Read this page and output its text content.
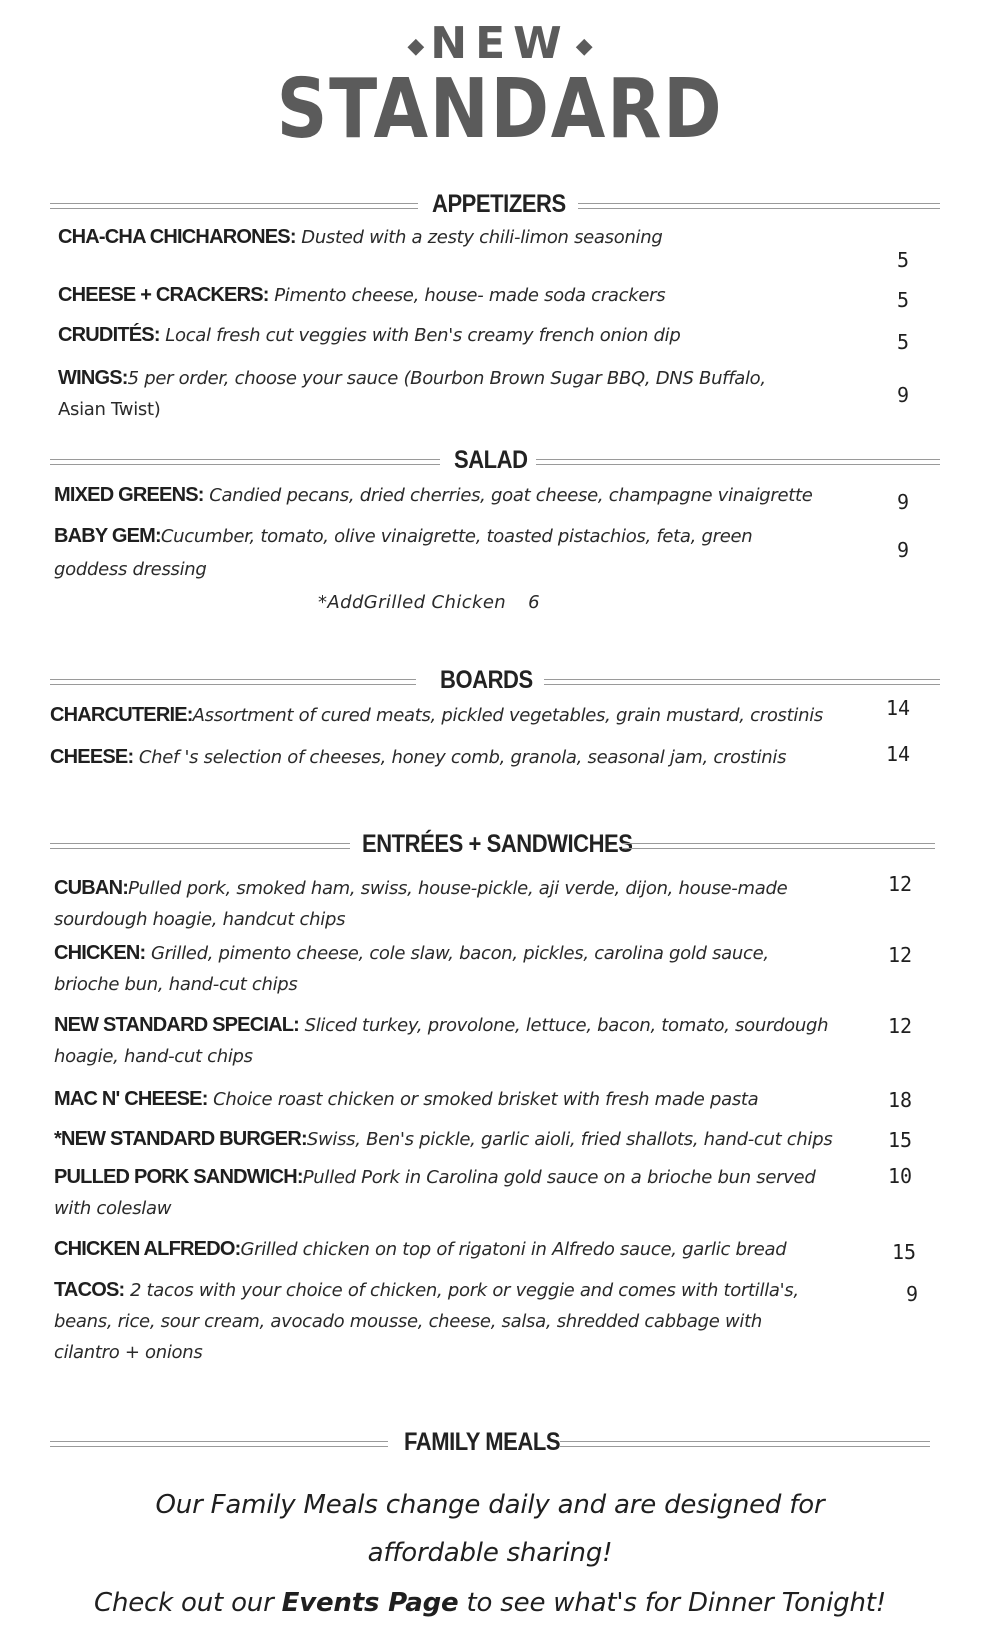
◆ NEW ◆
STANDARD
APPETIZERS
CHA-CHA CHICHARONES: Dusted with a zesty chili-limon seasoning
5
CHEESE + CRACKERS: Pimento cheese, house- made soda crackers	5
CRUDITÉS: Local fresh cut veggies with Ben's creamy french onion dip	5
WINGS:5 per order, choose your sauce (Bourbon Brown Sugar BBQ, DNS Buffalo,
Asian Twist)
9
SALAD
MIXED GREENS: Candied pecans, dried cherries, goat cheese, champagne vinaigrette	9
BABY GEM:Cucumber, tomato, olive vinaigrette, toasted pistachios, feta, green
goddess dressing
9
*AddGrilled Chicken 6
BOARDS
CHARCUTERIE:Assortment of cured meats, pickled vegetables, grain mustard, crostinis	14
CHEESE: Chef 's selection of cheeses, honey comb, granola, seasonal jam, crostinis	14
ENTRÉES + SANDWICHES
CUBAN:Pulled pork, smoked ham, swiss, house-pickle, aji verde, dijon, house-made
sourdough hoagie, handcut chips
12
CHICKEN: Grilled, pimento cheese, cole slaw, bacon, pickles, carolina gold sauce,
brioche bun, hand-cut chips
12
NEW STANDARD SPECIAL: Sliced turkey, provolone, lettuce, bacon, tomato, sourdough
hoagie, hand-cut chips
12
MAC N' CHEESE: Choice roast chicken or smoked brisket with fresh made pasta	18
*NEW STANDARD BURGER:Swiss, Ben's pickle, garlic aioli, fried shallots, hand-cut chips	15
PULLED PORK SANDWICH:Pulled Pork in Carolina gold sauce on a brioche bun served
with coleslaw
10
CHICKEN ALFREDO:Grilled chicken on top of rigatoni in Alfredo sauce, garlic bread	15
TACOS: 2 tacos with your choice of chicken, pork or veggie and comes with tortilla's,
beans, rice, sour cream, avocado mousse, cheese, salsa, shredded cabbage with
cilantro + onions
9
FAMILY MEALS
Our Family Meals change daily and are designed for
affordable sharing!
Check out our Events Page to see what's for Dinner Tonight!
